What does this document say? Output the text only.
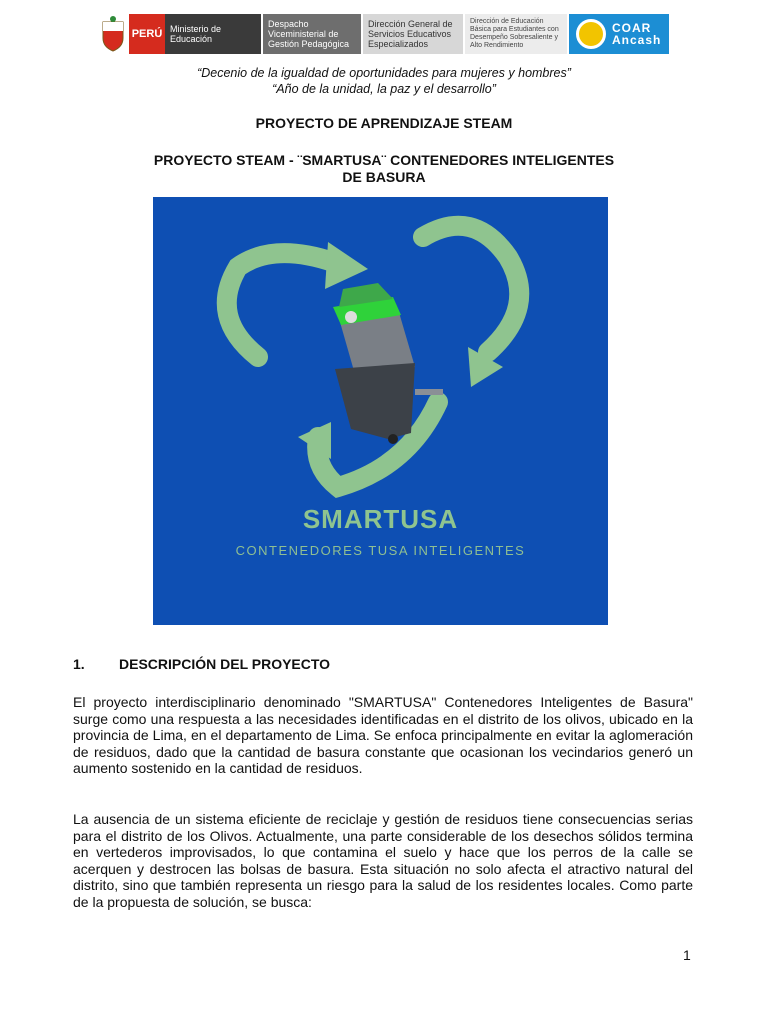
PERÚ Ministerio de Educación
Despacho Viceministerial de Gestión Pedagógica
Dirección General de Servicios Educativos Especializados
Dirección de Educación Básica para Estudiantes con Desempeño Sobresaliente y Alto Rendimiento
COAR
Ancash
“Decenio de la igualdad de oportunidades para mujeres y hombres”
“Año de la unidad, la paz y el desarrollo”
PROYECTO DE APRENDIZAJE STEAM
PROYECTO STEAM - ¨SMARTUSA¨ CONTENEDORES INTELIGENTES
DE BASURA
SMARTUSA
CONTENEDORES TUSA INTELIGENTES
1. DESCRIPCIÓN DEL PROYECTO
El proyecto interdisciplinario denominado "SMARTUSA" Contenedores Inteligentes de Basura" surge como una respuesta a las necesidades identificadas en el distrito de los olivos, ubicado en la provincia de Lima, en el departamento de Lima. Se enfoca principalmente en evitar la aglomeración de residuos, dado que la cantidad de basura constante que ocasionan los vecindarios generó un aumento sostenido en la cantidad de residuos.
La ausencia de un sistema eficiente de reciclaje y gestión de residuos tiene consecuencias serias para el distrito de los Olivos. Actualmente, una parte considerable de los desechos sólidos termina en vertederos improvisados, lo que contamina el suelo y hace que los perros de la calle se acerquen y destrocen las bolsas de basura. Esta situación no solo afecta el atractivo natural del distrito, sino que también representa un riesgo para la salud de los residentes locales. Como parte de la propuesta de solución, se busca:
1
